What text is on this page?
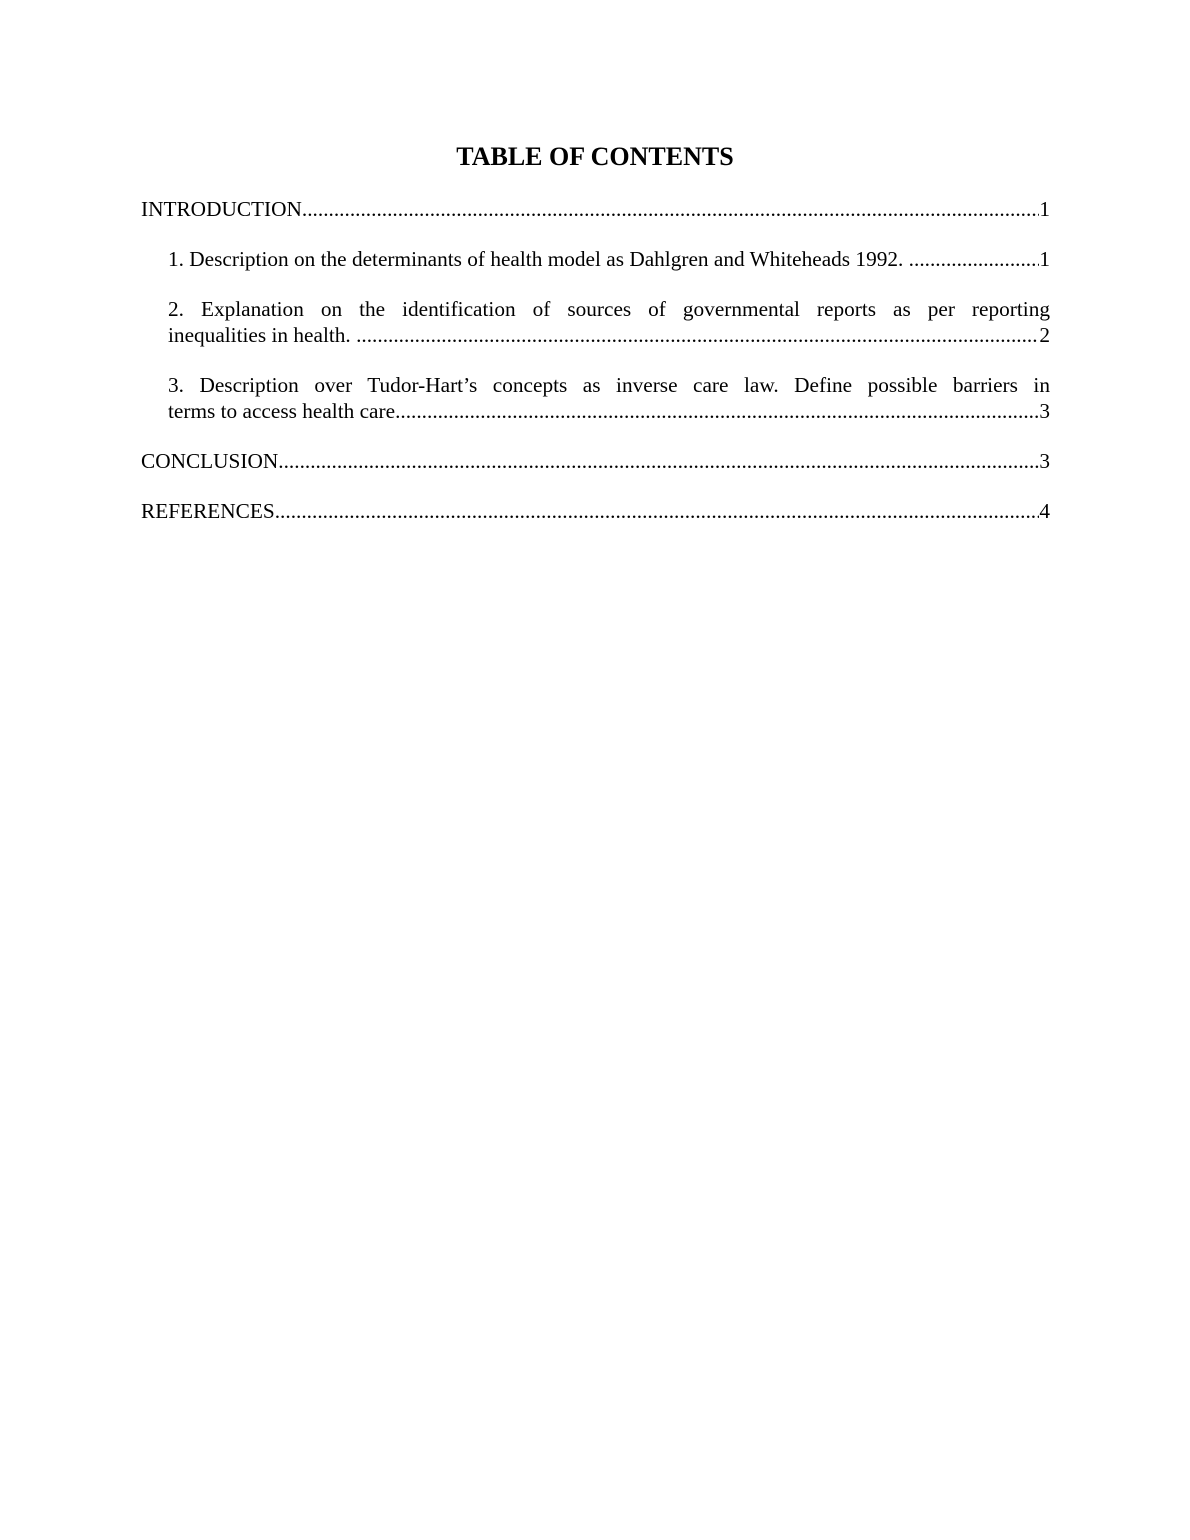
TABLE OF CONTENTS
INTRODUCTION .....	1
1. Description on the determinants of health model as Dahlgren and Whiteheads 1992. .....	1
2. Explanation on the identification of sources of governmental reports as per reporting
inequalities in health. .....	2
3. Description over Tudor-Hart’s concepts as inverse care law. Define possible barriers in
terms to access health care .....	3
CONCLUSION .....	3
REFERENCES .....	4
